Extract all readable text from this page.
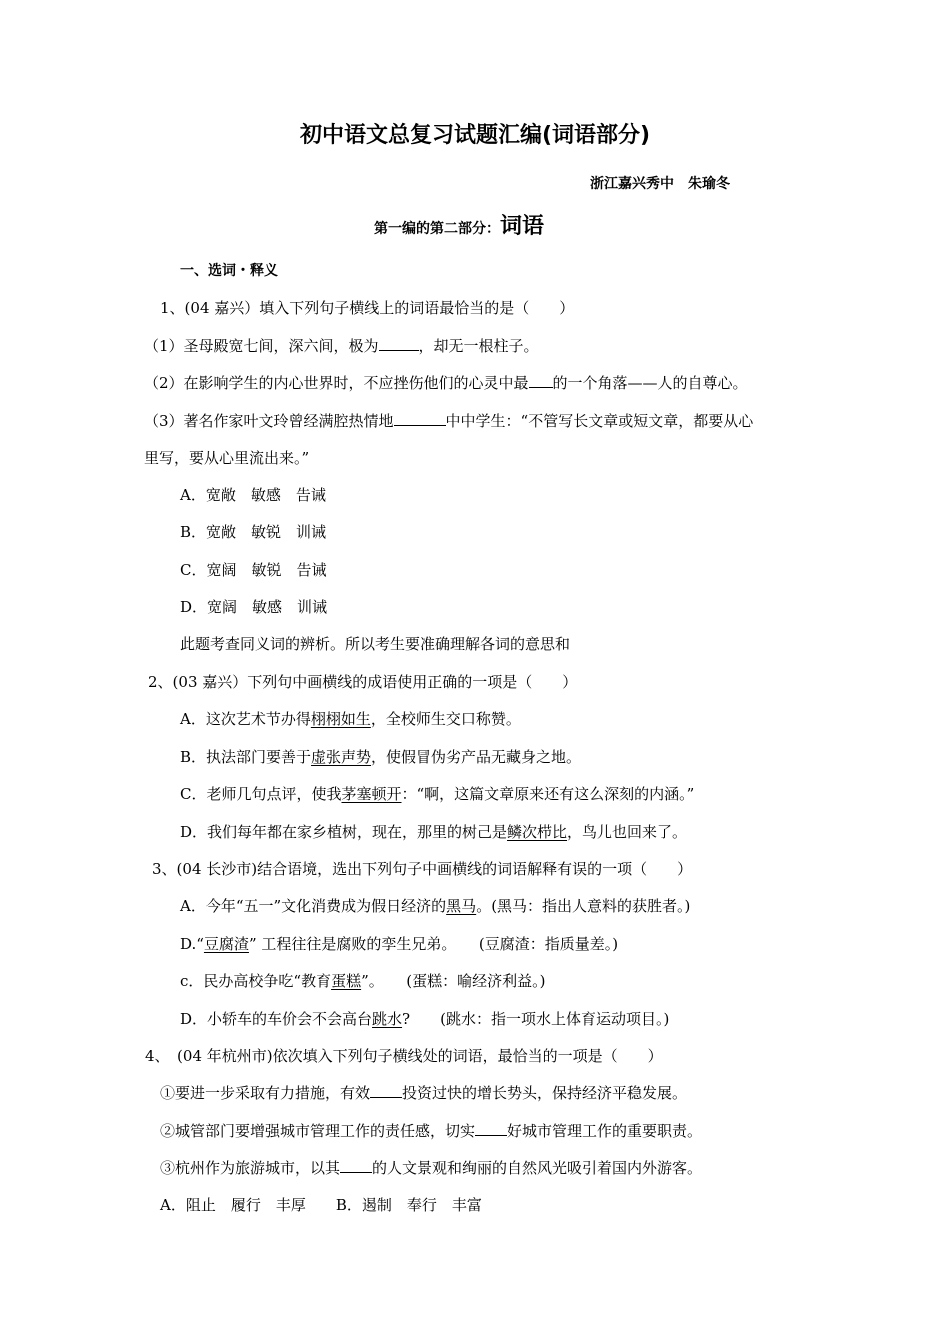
初中语文总复习试题汇编(词语部分)
浙江嘉兴秀中　朱瑜冬
第一编的第二部分：词语
一、选词・释义
1、(04 嘉兴）填入下列句子横线上的词语最恰当的是（　　）
（1）圣母殿宽七间，深六间，极为	，却无一根柱子。
（2）在影响学生的内心世界时，不应挫伤他们的心灵中最 的一个角落——人的自尊心。
（3）著名作家叶文玲曾经满腔热情地	中中学生：“不管写长文章或短文章，都要从心
里写，要从心里流出来。”
A．宽敞　敏感　告诫
B．宽敞　敏锐　训诫
C．宽阔　敏锐　告诫
D．宽阔　敏感　训诫
此题考查同义词的辨析。所以考生要准确理解各词的意思和
2、(03 嘉兴）下列句中画横线的成语使用正确的一项是（　　）
A．这次艺术节办得栩栩如生，全校师生交口称赞。
B．执法部门要善于虚张声势，使假冒伪劣产品无藏身之地。
C．老师几句点评，使我茅塞顿开：“啊，这篇文章原来还有这么深刻的内涵。”
D．我们每年都在家乡植树，现在，那里的树己是鳞次栉比，鸟儿也回来了。
3、(04 长沙市)结合语境，选出下列句子中画横线的词语解释有误的一项（　　）
A．今年“五一”文化消费成为假日经济的黑马。(黑马：指出人意料的获胜者。)
D.“豆腐渣” 工程往往是腐败的孪生兄弟。　　(豆腐渣：指质量差。)
c．民办高校争吃“教育蛋糕”。　　(蛋糕：喻经济利益。)
D．小轿车的车价会不会高台跳水?　　(跳水：指一项水上体育运动项目。)
4、　(04 年杭州市)依次填入下列句子横线处的词语，最恰当的一项是（　　）
①要进一步采取有力措施，有效 投资过快的增长势头，保持经济平稳发展。
②城管部门要增强城市管理工作的责任感，切实 好城市管理工作的重要职责。
③杭州作为旅游城市，以其 的人文景观和绚丽的自然风光吸引着国内外游客。
A．阻止　履行　丰厚　　B．遏制　奉行　丰富
